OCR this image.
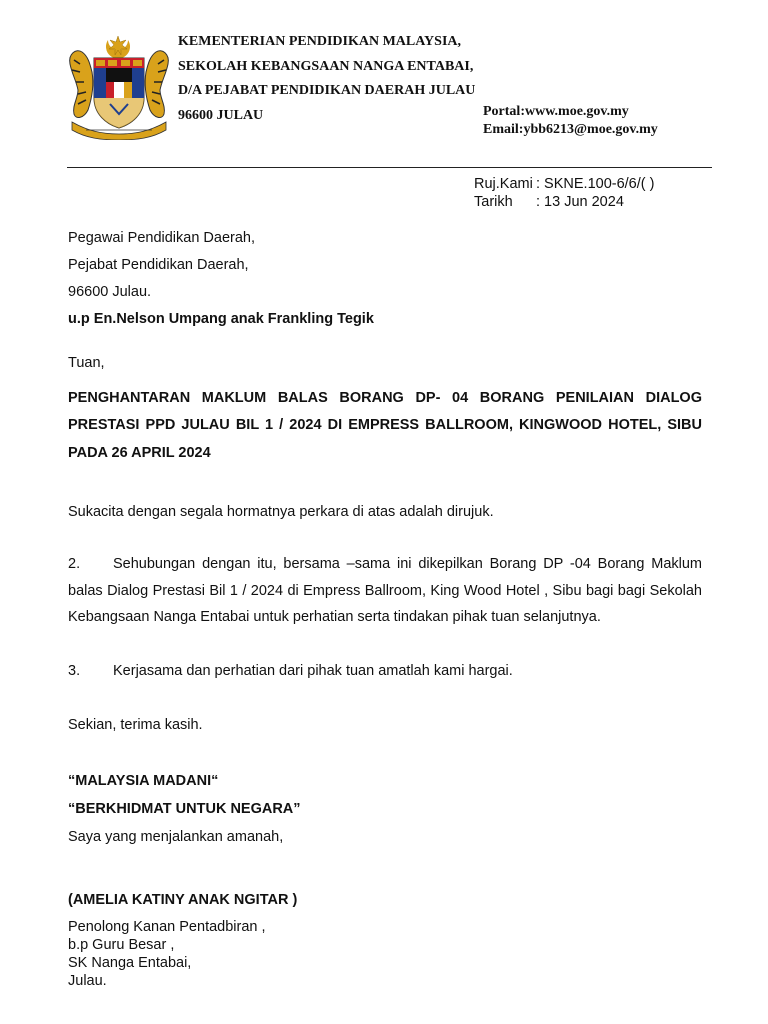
KEMENTERIAN PENDIDIKAN MALAYSIA,
SEKOLAH KEBANGSAAN NANGA ENTABAI,
D/A PEJABAT PENDIDIKAN DAERAH JULAU
96600 JULAU	Portal:www.moe.gov.my
Email:ybb6213@moe.gov.my
Ruj.Kami : SKNE.100-6/6/( )
Tarikh : 13 Jun 2024
Pegawai Pendidikan Daerah,
Pejabat Pendidikan Daerah,
96600 Julau.
u.p En.Nelson Umpang anak Frankling Tegik
Tuan,
PENGHANTARAN MAKLUM BALAS BORANG DP- 04 BORANG PENILAIAN DIALOG PRESTASI PPD JULAU BIL 1 / 2024 DI EMPRESS BALLROOM, KINGWOOD HOTEL, SIBU PADA 26 APRIL 2024
Sukacita dengan segala hormatnya perkara di atas adalah dirujuk.
2. Sehubungan dengan itu, bersama –sama ini dikepilkan Borang DP -04 Borang Maklum balas Dialog Prestasi Bil 1 / 2024 di Empress Ballroom, King Wood Hotel , Sibu bagi bagi Sekolah Kebangsaan Nanga Entabai untuk perhatian serta tindakan pihak tuan selanjutnya.
3. Kerjasama dan perhatian dari pihak tuan amatlah kami hargai.
Sekian, terima kasih.
“MALAYSIA MADANI“
“BERKHIDMAT UNTUK NEGARA”
Saya yang menjalankan amanah,
(AMELIA KATINY ANAK NGITAR )
Penolong Kanan Pentadbiran ,
b.p Guru Besar ,
SK Nanga Entabai,
Julau.
